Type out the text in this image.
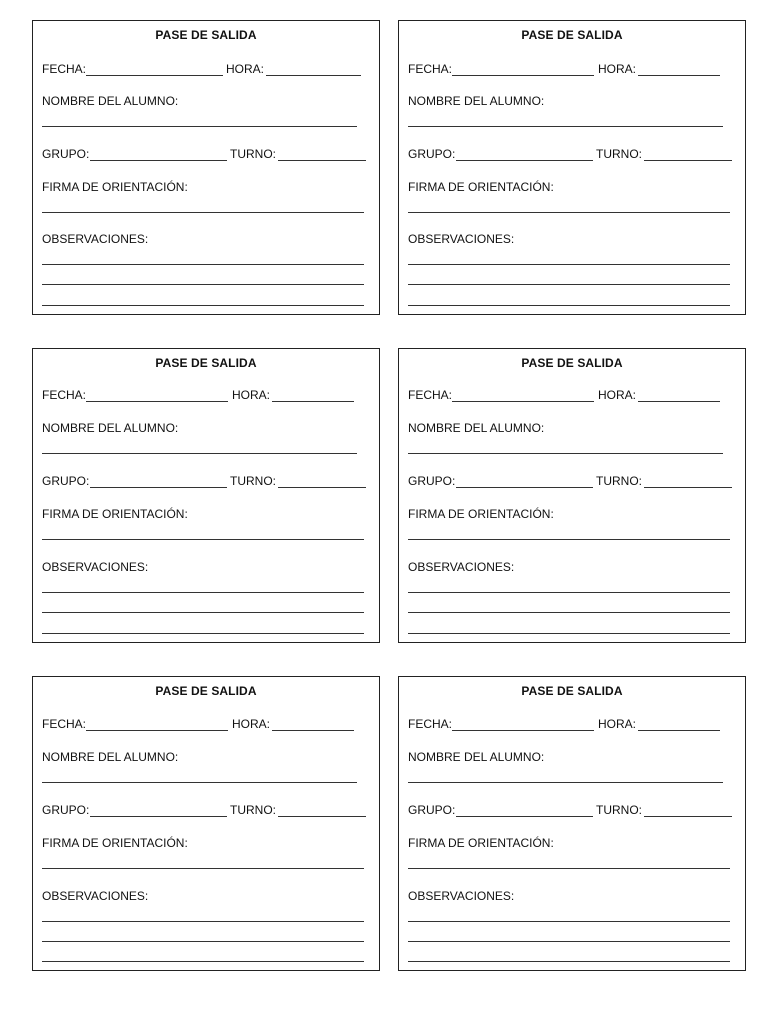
PASE DE SALIDA
FECHA:	HORA:
NOMBRE DEL ALUMNO:
GRUPO:	TURNO:
FIRMA DE ORIENTACIÓN:
OBSERVACIONES:
PASE DE SALIDA
FECHA:	HORA:
NOMBRE DEL ALUMNO:
GRUPO:	TURNO:
FIRMA DE ORIENTACIÓN:
OBSERVACIONES:
PASE DE SALIDA
FECHA:	HORA:
NOMBRE DEL ALUMNO:
GRUPO:	TURNO:
FIRMA DE ORIENTACIÓN:
OBSERVACIONES:
PASE DE SALIDA
FECHA:	HORA:
NOMBRE DEL ALUMNO:
GRUPO:	TURNO:
FIRMA DE ORIENTACIÓN:
OBSERVACIONES:
PASE DE SALIDA
FECHA:	HORA:
NOMBRE DEL ALUMNO:
GRUPO:	TURNO:
FIRMA DE ORIENTACIÓN:
OBSERVACIONES:
PASE DE SALIDA
FECHA:	HORA:
NOMBRE DEL ALUMNO:
GRUPO:	TURNO:
FIRMA DE ORIENTACIÓN:
OBSERVACIONES:
